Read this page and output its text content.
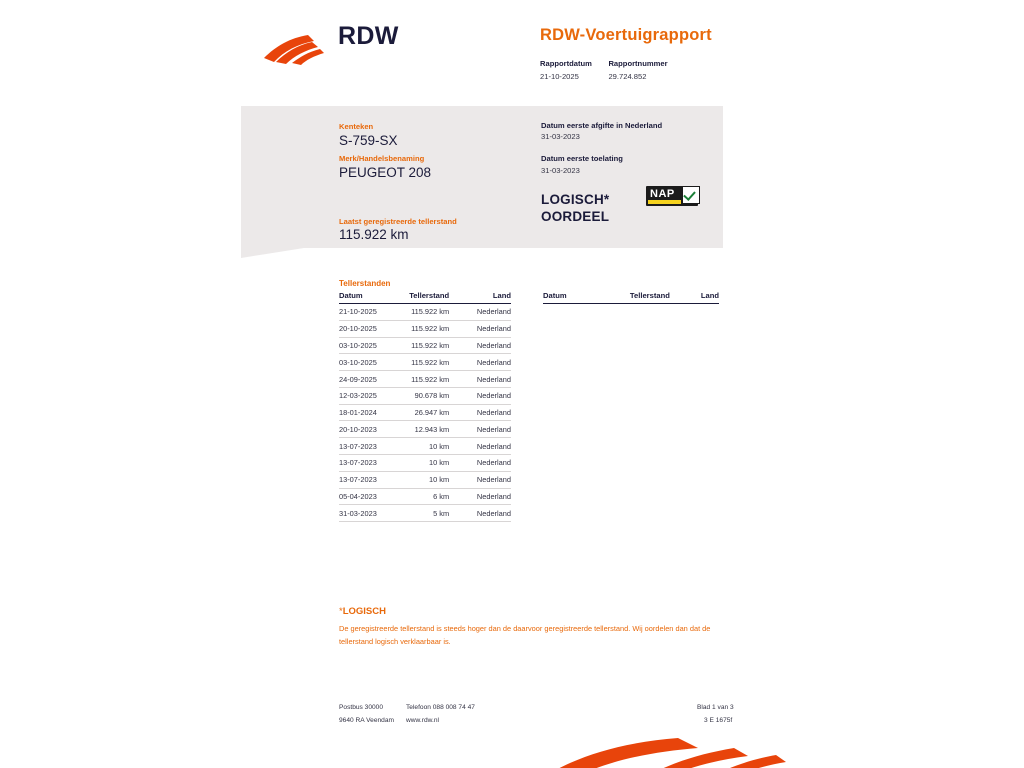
RDW	RDW-Voertuigrapport
Rapportdatum
21-10-2025

Rapportnummer
29.724.852
Kenteken
S-759-SX
Merk/Handelsbenaming
PEUGEOT 208
Laatst geregistreerde tellerstand
115.922 km
Datum eerste afgifte in Nederland
31-03-2023
Datum eerste toelating
31-03-2023
LOGISCH*
OORDEEL
NAP
Tellerstanden
Datum	Tellerstand	Land
21-10-2025	115.922 km	Nederland
20-10-2025	115.922 km	Nederland
03-10-2025	115.922 km	Nederland
03-10-2025	115.922 km	Nederland
24-09-2025	115.922 km	Nederland
12-03-2025	90.678 km	Nederland
18-01-2024	26.947 km	Nederland
20-10-2023	12.943 km	Nederland
13-07-2023	10 km	Nederland
13-07-2023	10 km	Nederland
13-07-2023	10 km	Nederland
05-04-2023	6 km	Nederland
31-03-2023	5 km	Nederland
Datum	Tellerstand	Land
*LOGISCH
De geregistreerde tellerstand is steeds hoger dan de daarvoor geregistreerde tellerstand. Wij oordelen dan dat de tellerstand logisch verklaarbaar is.
Postbus 30000
9640 RA Veendam
Telefoon 088 008 74 47
www.rdw.nl
Blad 1 van 3
3 E 1675f
